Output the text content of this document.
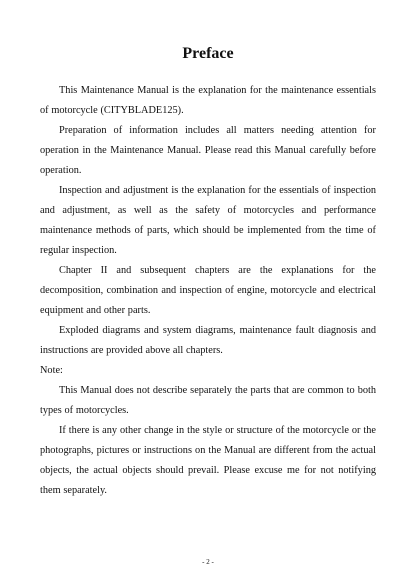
Preface

This Maintenance Manual is the explanation for the maintenance essentials of motorcycle (CITYBLADE125).

Preparation of information includes all matters needing attention for operation in the Maintenance Manual. Please read this Manual carefully before operation.

Inspection and adjustment is the explanation for the essentials of inspection and adjustment, as well as the safety of motorcycles and performance maintenance methods of parts, which should be implemented from the time of regular inspection.

Chapter II and subsequent chapters are the explanations for the decomposition, combination and inspection of engine, motorcycle and electrical equipment and other parts.

Exploded diagrams and system diagrams, maintenance fault diagnosis and instructions are provided above all chapters.

Note:

This Manual does not describe separately the parts that are common to both types of motorcycles.

If there is any other change in the style or structure of the motorcycle or the photographs, pictures or instructions on the Manual are different from the actual objects, the actual objects should prevail. Please excuse me for not notifying them separately.

- 2 -
